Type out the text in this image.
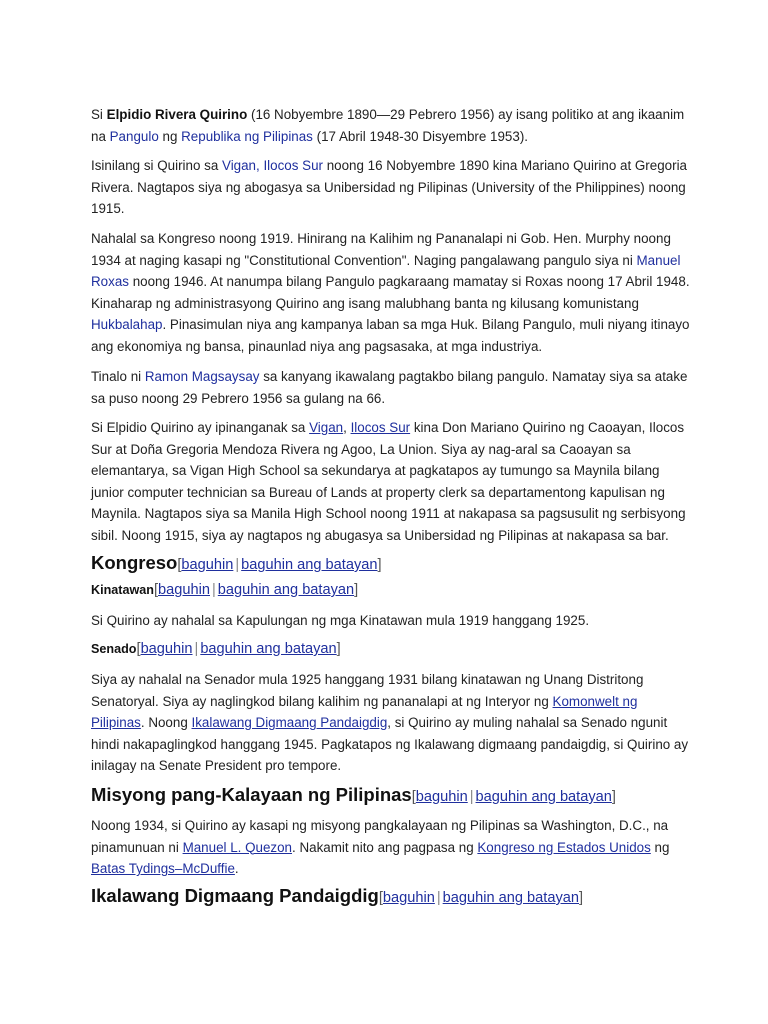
Si Elpidio Rivera Quirino (16 Nobyembre 1890—29 Pebrero 1956) ay isang politiko at ang ikaanim na Pangulo ng Republika ng Pilipinas (17 Abril 1948-30 Disyembre 1953).

Isinilang si Quirino sa Vigan, Ilocos Sur noong 16 Nobyembre 1890 kina Mariano Quirino at Gregoria Rivera. Nagtapos siya ng abogasya sa Unibersidad ng Pilipinas (University of the Philippines) noong 1915.

Nahalal sa Kongreso noong 1919. Hinirang na Kalihim ng Pananalapi ni Gob. Hen. Murphy noong 1934 at naging kasapi ng "Constitutional Convention". Naging pangalawang pangulo siya ni Manuel Roxas noong 1946. At nanumpa bilang Pangulo pagkaraang mamatay si Roxas noong 17 Abril 1948. Kinaharap ng administrasyong Quirino ang isang malubhang banta ng kilusang komunistang Hukbalahap. Pinasimulan niya ang kampanya laban sa mga Huk. Bilang Pangulo, muli niyang itinayo ang ekonomiya ng bansa, pinaunlad niya ang pagsasaka, at mga industriya.

Tinalo ni Ramon Magsaysay sa kanyang ikawalang pagtakbo bilang pangulo. Namatay siya sa atake sa puso noong 29 Pebrero 1956 sa gulang na 66.

Si Elpidio Quirino ay ipinanganak sa Vigan, Ilocos Sur kina Don Mariano Quirino ng Caoayan, Ilocos Sur at Doña Gregoria Mendoza Rivera ng Agoo, La Union. Siya ay nag-aral sa Caoayan sa elemantarya, sa Vigan High School sa sekundarya at pagkatapos ay tumungo sa Maynila bilang junior computer technician sa Bureau of Lands at property clerk sa departamentong kapulisan ng Maynila. Nagtapos siya sa Manila High School noong 1911 at nakapasa sa pagsusulit ng serbisyong sibil. Noong 1915, siya ay nagtapos ng abugasya sa Unibersidad ng Pilipinas at nakapasa sa bar.

Kongreso[baguhin | baguhin ang batayan]
Kinatawan[baguhin | baguhin ang batayan]

Si Quirino ay nahalal sa Kapulungan ng mga Kinatawan mula 1919 hanggang 1925.

Senado[baguhin | baguhin ang batayan]

Siya ay nahalal na Senador mula 1925 hanggang 1931 bilang kinatawan ng Unang Distritong Senatoryal. Siya ay naglingkod bilang kalihim ng pananalapi at ng Interyor ng Komonwelt ng Pilipinas. Noong Ikalawang Digmaang Pandaigdig, si Quirino ay muling nahalal sa Senado ngunit hindi nakapaglingkod hanggang 1945. Pagkatapos ng Ikalawang digmaang pandaigdig, si Quirino ay inilagay na Senate President pro tempore.

Misyong pang-Kalayaan ng Pilipinas[baguhin | baguhin ang batayan]

Noong 1934, si Quirino ay kasapi ng misyong pangkalayaan ng Pilipinas sa Washington, D.C., na pinamunuan ni Manuel L. Quezon. Nakamit nito ang pagpasa ng Kongreso ng Estados Unidos ng Batas Tydings–McDuffie.

Ikalawang Digmaang Pandaigdig[baguhin | baguhin ang batayan]
